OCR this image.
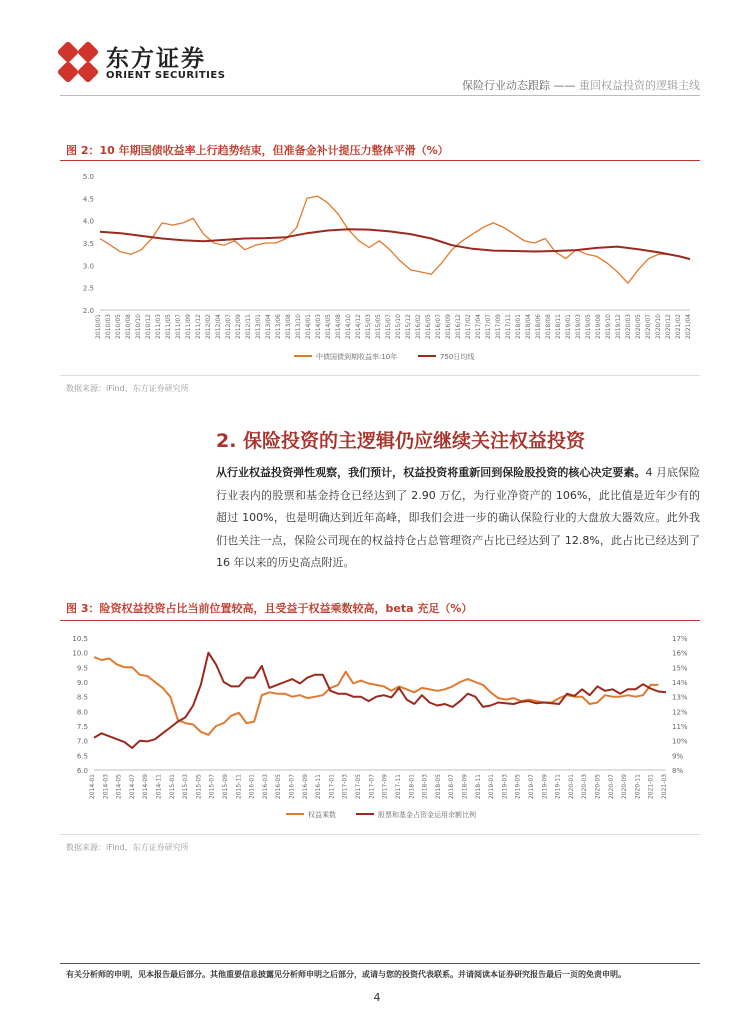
东方证券
ORIENT SECURITIES
保险行业动态跟踪 —— 重回权益投资的逻辑主线
图 2：10 年期国债收益率上行趋势结束，但准备金补计提压力整体平滑（%）
5.0
4.5
4.0
3.5
3.0
2.5
2.0
2010/01 2010/03 2010/05 2010/08 2010/10 2010/12 2011/03 2011/05 2011/07 2011/09 2011/12 2012/02 2012/04 2012/07 2012/09 2012/11 2013/01 2013/04 2013/06 2013/08 2013/10 2014/01 2014/03 2014/05 2014/08 2014/10 2014/12 2015/03 2015/05 2015/07 2015/10 2015/12 2016/02 2016/05 2016/07 2016/09 2016/12 2017/02 2017/04 2017/07 2017/09 2017/11 2018/01 2018/04 2018/06 2018/08 2018/11 2019/01 2019/03 2019/05 2019/08 2019/10 2019/12 2020/03 2020/05 2020/07 2020/10 2020/12 2021/02 2021/04
中债国债到期收益率:10年	750日均线
数据来源：iFind、东方证券研究所
2. 保险投资的主逻辑仍应继续关注权益投资
从行业权益投资弹性观察，我们预计，权益投资将重新回到保险股投资的核心决定要素。4 月底保险行业表内的股票和基金持仓已经达到了 2.90 万亿，为行业净资产的 106%，此比值是近年少有的超过 100%，也是明确达到近年高峰，即我们会进一步的确认保险行业的大盘放大器效应。此外我们也关注一点，保险公司现在的权益持仓占总管理资产占比已经达到了 12.8%，此占比已经达到了 16 年以来的历史高点附近。
图 3：险资权益投资占比当前位置较高，且受益于权益乘数较高，beta 充足（%）
10.5
10.0
9.5
9.0
8.5
8.0
7.5
7.0
6.5
6.0
17%
16%
15%
14%
13%
12%
11%
10%
9%
8%
2014-01 2014-03 2014-05 2014-07 2014-09 2014-11 2015-01 2015-03 2015-05 2015-07 2015-09 2015-11 2016-01 2016-03 2016-05 2016-07 2016-09 2016-11 2017-01 2017-03 2017-05 2017-07 2017-09 2017-11 2018-01 2018-03 2018-05 2018-07 2018-09 2018-11 2019-01 2019-03 2019-05 2019-07 2019-09 2019-11 2020-01 2020-03 2020-05 2020-07 2020-09 2020-11 2021-01 2021-03
权益乘数	股票和基金占资金运用余额比例
数据来源：iFind、东方证券研究所
有关分析师的申明，见本报告最后部分。其他重要信息披露见分析师申明之后部分，或请与您的投资代表联系。并请阅读本证券研究报告最后一页的免责申明。
4
